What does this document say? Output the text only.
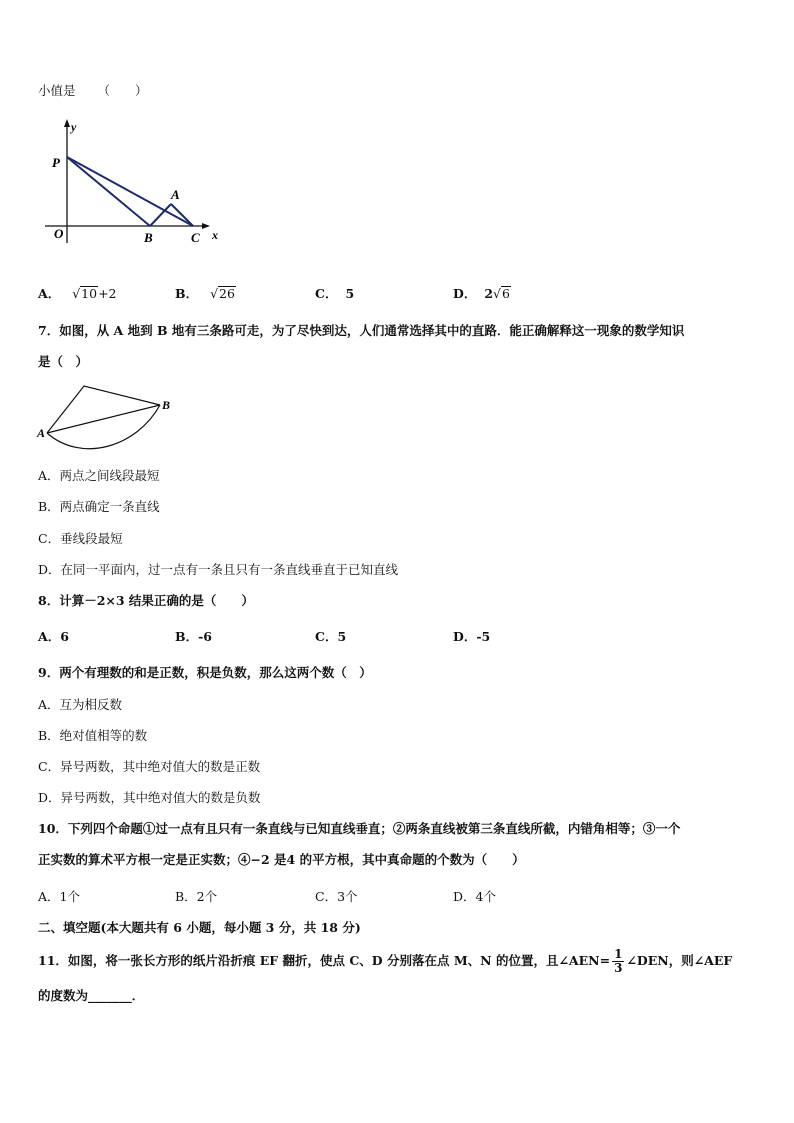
小值是 （　　）
y
x
P
O
A
B	C
A． √10+2	B． √26	C． 5	D． 2√6
7．如图，从 A 地到 B 地有三条路可走，为了尽快到达，人们通常选择其中的直路．能正确解释这一现象的数学知识
是（　）
A
B
A．两点之间线段最短
B．两点确定一条直线
C．垂线段最短
D．在同一平面内，过一点有一条且只有一条直线垂直于已知直线
8．计算－2×3 结果正确的是（　　）
A．6	B．-6	C．5	D．-5
9．两个有理数的和是正数，积是负数，那么这两个数（　）
A．互为相反数
B．绝对值相等的数
C．异号两数，其中绝对值大的数是正数
D．异号两数，其中绝对值大的数是负数
10．下列四个命题①过一点有且只有一条直线与已知直线垂直；②两条直线被第三条直线所截，内错角相等；③一个
正实数的算术平方根一定是正实数；④−2 是4 的平方根，其中真命题的个数为（　　）
A．1个	B．2个	C．3个	D．4个
二、填空题(本大题共有 6 小题，每小题 3 分，共 18 分)
11．如图，将一张长方形的纸片沿折痕 EF 翻折，使点 C、D 分别落在点 M、N 的位置，且∠AEN= $\frac{1}{3}$ ∠DEN，则∠AEF
的度数为_______．
